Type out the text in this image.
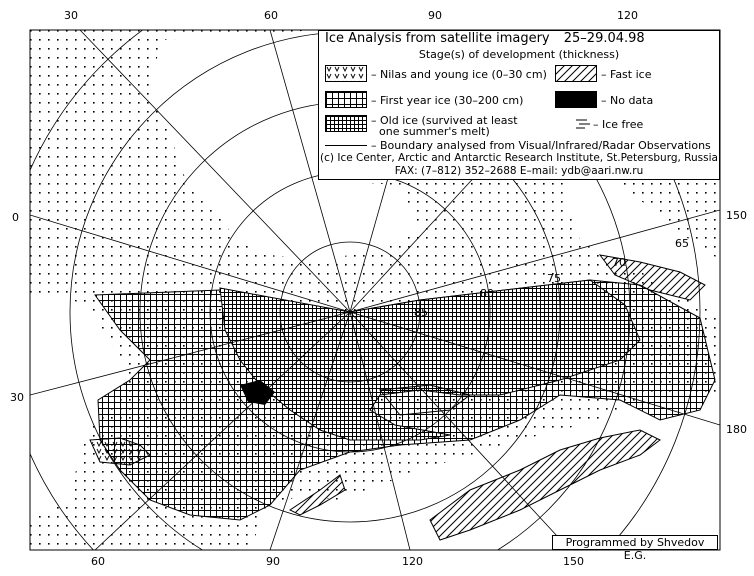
65
70
75
80
85
30	60	90	120
60	90	120	150
0
30
150
180
Ice Analysis from satellite imagery 25–29.04.98
Stage(s) of development (thickness)
– Nilas and young ice (0–30 cm)	– Fast ice
– First year ice (30–200 cm)	– No data
– Old ice (survived at least
one summer's melt)
– Ice free
– Boundary analysed from Visual/Infrared/Radar Observations
(c) Ice Center, Arctic and Antarctic Research Institute, St.Petersburg, Russia
FAX: (7–812) 352–2688 E–mail: ydb@aari.nw.ru
Programmed by Shvedov E.G.
